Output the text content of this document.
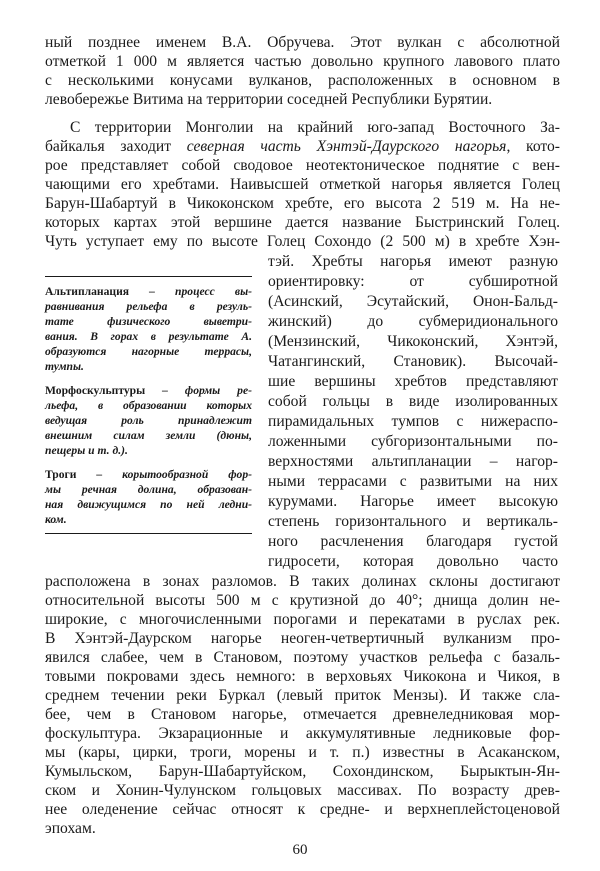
ный позднее именем В.А. Обручева. Этот вулкан с абсолютной

отметкой 1 000 м является частью довольно крупного лавового плато

с несколькими конусами вулканов, расположенных в основном в

левобережье Витима на территории соседней Республики Бурятии.

С территории Монголии на крайний юго-запад Восточного За-

байкалья заходит северная часть Хэнтэй-Даурского нагорья, кото-

рое представляет собой сводовое неотектоническое поднятие с вен-

чающими его хребтами. Наивысшей отметкой нагорья является Голец

Барун-Шабартуй в Чикоконском хребте, его высота 2 519 м. На не-

которых картах этой вершине дается название Быстринский Голец.

Чуть уступает ему по высоте Голец Сохондо (2 500 м) в хребте Хэн-

тэй. Хребты нагорья имеют разную

ориентировку: от субширотной

(Асинский, Эсутайский, Онон-Бальд-

жинский) до субмеридионального

(Мензинский, Чикоконский, Хэнтэй,

Чатангинский, Становик). Высочай-

шие вершины хребтов представляют

собой гольцы в виде изолированных

пирамидальных тумпов с нижераспо-

ложенными субгоризонтальными по-

верхностями альтипланации – нагор-

ными террасами с развитыми на них

курумами. Нагорье имеет высокую

степень горизонтального и вертикаль-

ного расчленения благодаря густой

гидросети, которая довольно часто

Альтипланация – процесс вы-

равнивания рельефа в резуль-

тате физического выветри-

вания. В горах в результате А.

образуются нагорные террасы,

тумпы.

Морфоскульптуры – формы ре-

льефа, в образовании которых

ведущая роль принадлежит

внешним силам земли (дюны,

пещеры и т. д.).

Троги – корытообразной фор-

мы речная долина, образован-

ная движущимся по ней ледни-

ком.

расположена в зонах разломов. В таких долинах склоны достигают

относительной высоты 500 м с крутизной до 40°; днища долин не-

широкие, с многочисленными порогами и перекатами в руслах рек.

В Хэнтэй-Даурском нагорье неоген-четвертичный вулканизм про-

явился слабее, чем в Становом, поэтому участков рельефа с базаль-

товыми покровами здесь немного: в верховьях Чикокона и Чикоя, в

среднем течении реки Буркал (левый приток Мензы). И также сла-

бее, чем в Становом нагорье, отмечается древнеледниковая мор-

фоскульптура. Экзарационные и аккумулятивные ледниковые фор-

мы (кары, цирки, троги, морены и т. п.) известны в Асаканском,

Кумыльском, Барун-Шабартуйском, Сохондинском, Бырыктын-Ян-

ском и Хонин-Чулунском гольцовых массивах. По возрасту древ-

нее оледенение сейчас относят к средне- и верхнеплейстоценовой

эпохам.

60
